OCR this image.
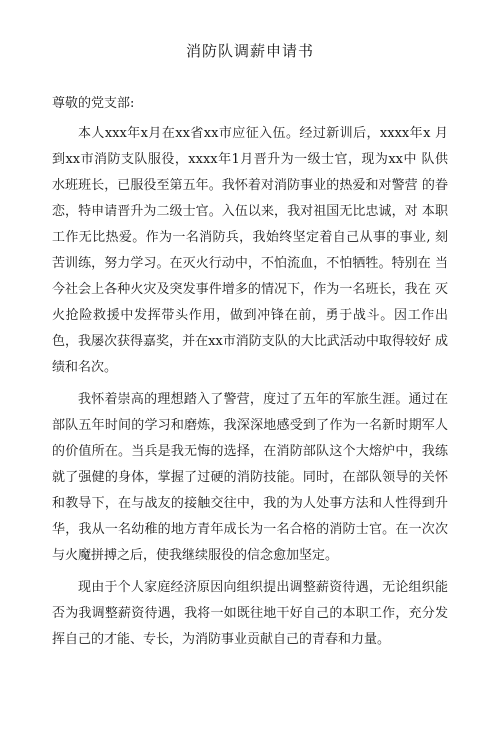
消防队调薪申请书

尊敬的党支部:

本人xxx年x月在xx省xx市应征入伍。经过新训后，xxxx年x 月到xx市消防支队服役，xxxx年1月晋升为一级士官，现为xx中 队供水班班长，已服役至第五年。我怀着对消防事业的热爱和对警营 的眷恋，特申请晋升为二级士官。入伍以来，我对祖国无比忠诚，对 本职工作无比热爱。作为一名消防兵，我始终坚定着自己从事的事业, 刻苦训练，努力学习。在灭火行动中，不怕流血，不怕牺牲。特别在 当今社会上各种火灾及突发事件增多的情况下，作为一名班长，我在 灭火抢险救援中发挥带头作用，做到冲锋在前，勇于战斗。因工作出 色，我屡次获得嘉奖，并在xx市消防支队的大比武活动中取得较好 成绩和名次。

我怀着崇高的理想踏入了警营，度过了五年的军旅生涯。通过在 部队五年时间的学习和磨炼，我深深地感受到了作为一名新时期军人 的价值所在。当兵是我无悔的选择，在消防部队这个大熔炉中，我练 就了强健的身体，掌握了过硬的消防技能。同时，在部队领导的关怀 和教导下，在与战友的接触交往中，我的为人处事方法和人性得到升 华，我从一名幼稚的地方青年成长为一名合格的消防士官。在一次次 与火魔拼搏之后，使我继续服役的信念愈加坚定。

现由于个人家庭经济原因向组织提出调整薪资待遇，无论组织能 否为我调整薪资待遇，我将一如既往地干好自己的本职工作，充分发挥自己的才能、专长，为消防事业贡献自己的青春和力量。
